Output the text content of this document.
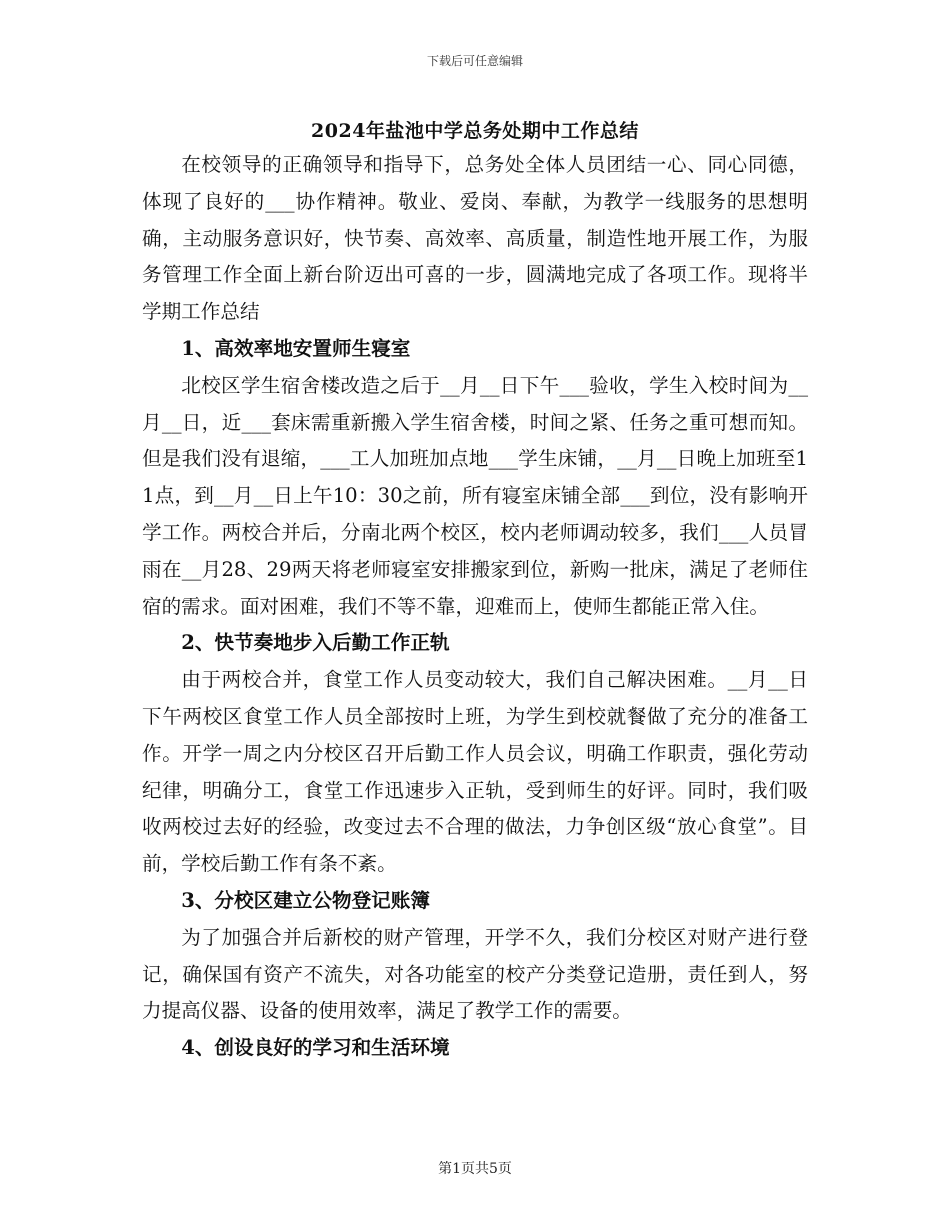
下载后可任意编辑
2024年盐池中学总务处期中工作总结

在校领导的正确领导和指导下，总务处全体人员团结一心、同心同德，体现了良好的___协作精神。敬业、爱岗、奉献，为教学一线服务的思想明确，主动服务意识好，快节奏、高效率、高质量，制造性地开展工作，为服务管理工作全面上新台阶迈出可喜的一步，圆满地完成了各项工作。现将半学期工作总结

1、高效率地安置师生寝室

北校区学生宿舍楼改造之后于__月__日下午___验收，学生入校时间为__月__日，近___套床需重新搬入学生宿舍楼，时间之紧、任务之重可想而知。但是我们没有退缩，___工人加班加点地___学生床铺，__月__日晚上加班至11点，到__月__日上午10：30之前，所有寝室床铺全部___到位，没有影响开学工作。两校合并后，分南北两个校区，校内老师调动较多，我们___人员冒雨在__月28、29两天将老师寝室安排搬家到位，新购一批床，满足了老师住宿的需求。面对困难，我们不等不靠，迎难而上，使师生都能正常入住。

2、快节奏地步入后勤工作正轨

由于两校合并，食堂工作人员变动较大，我们自己解决困难。__月__日下午两校区食堂工作人员全部按时上班，为学生到校就餐做了充分的准备工作。开学一周之内分校区召开后勤工作人员会议，明确工作职责，强化劳动纪律，明确分工，食堂工作迅速步入正轨，受到师生的好评。同时，我们吸收两校过去好的经验，改变过去不合理的做法，力争创区级“放心食堂”。目前，学校后勤工作有条不紊。

3、分校区建立公物登记账簿

为了加强合并后新校的财产管理，开学不久，我们分校区对财产进行登记，确保国有资产不流失，对各功能室的校产分类登记造册，责任到人，努力提高仪器、设备的使用效率，满足了教学工作的需要。

4、创设良好的学习和生活环境

第1页共5页
